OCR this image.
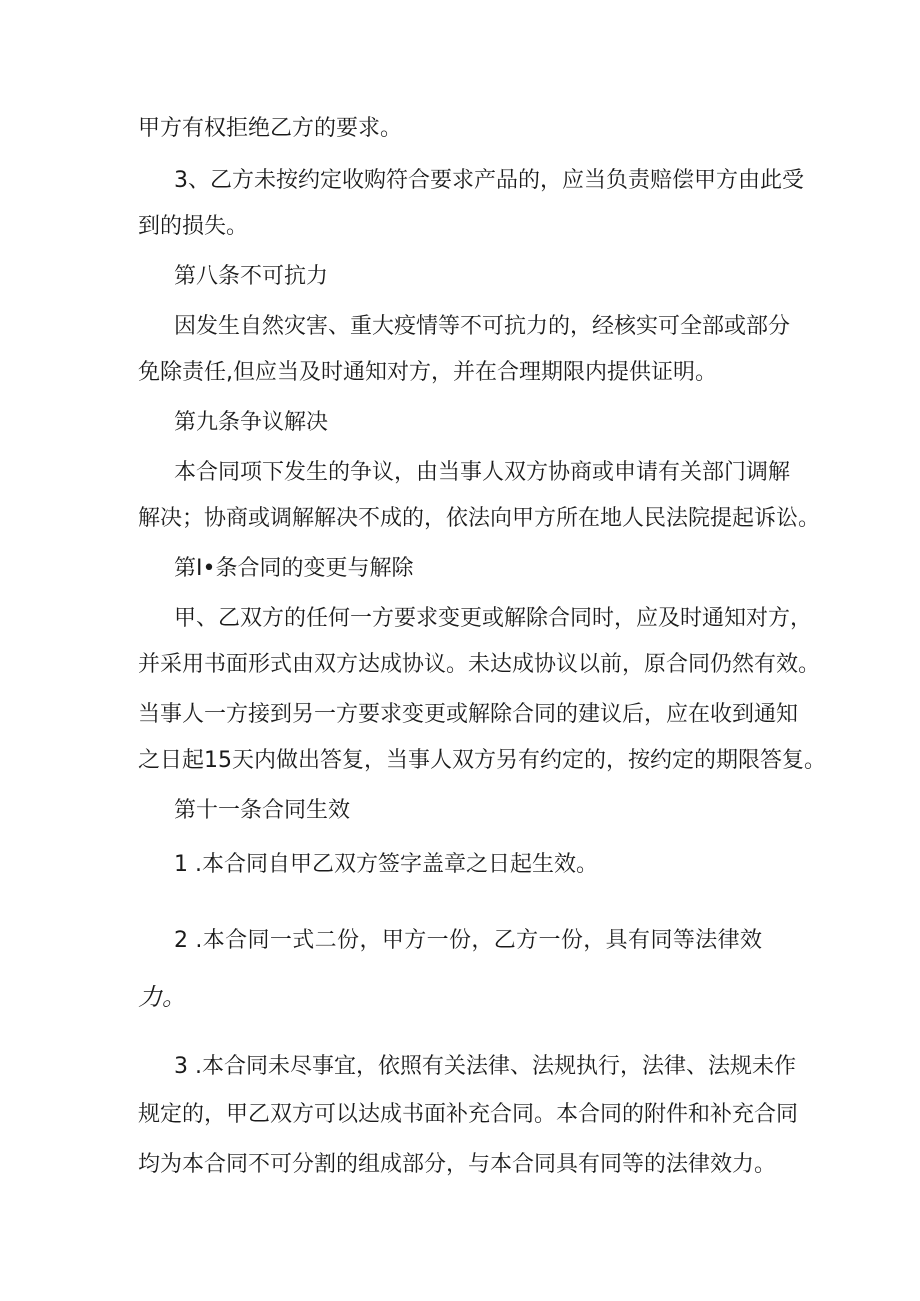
甲方有权拒绝乙方的要求。
3、乙方未按约定收购符合要求产品的，应当负责赔偿甲方由此受
到的损失。
第八条不可抗力
因发生自然灾害、重大疫情等不可抗力的，经核实可全部或部分
免除责任,但应当及时通知对方，并在合理期限内提供证明。
第九条争议解决
本合同项下发生的争议，由当事人双方协商或申请有关部门调解
解决；协商或调解解决不成的，依法向甲方所在地人民法院提起诉讼。
第I•条合同的变更与解除
甲、乙双方的任何一方要求变更或解除合同时，应及时通知对方，
并采用书面形式由双方达成协议。未达成协议以前，原合同仍然有效。
当事人一方接到另一方要求变更或解除合同的建议后，应在收到通知
之日起15天内做出答复，当事人双方另有约定的，按约定的期限答复。
第十一条合同生效
1 .本合同自甲乙双方签字盖章之日起生效。
2 .本合同一式二份，甲方一份，乙方一份，具有同等法律效
力。
3 .本合同未尽事宜，依照有关法律、法规执行，法律、法规未作
规定的，甲乙双方可以达成书面补充合同。本合同的附件和补充合同
均为本合同不可分割的组成部分，与本合同具有同等的法律效力。
